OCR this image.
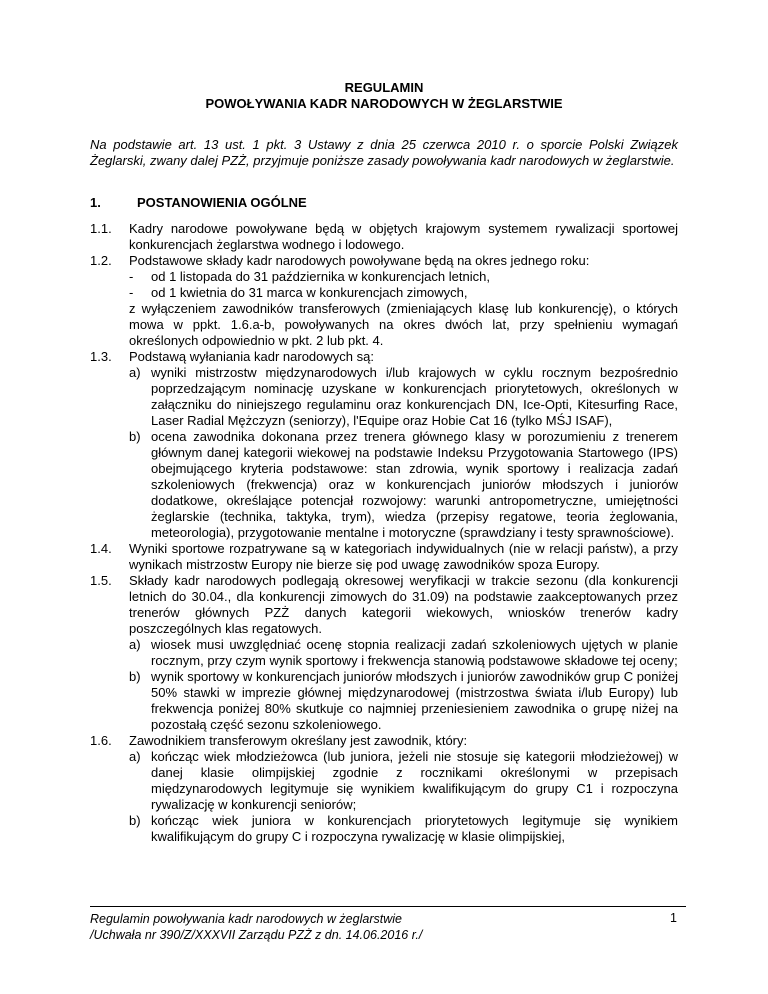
REGULAMIN
POWOŁYWANIA KADR NARODOWYCH W ŻEGLARSTWIE
Na podstawie art. 13 ust. 1 pkt. 3 Ustawy z dnia 25 czerwca 2010 r. o sporcie Polski Związek Żeglarski, zwany dalej PZŻ, przyjmuje poniższe zasady powoływania kadr narodowych w żeglarstwie.
1.	POSTANOWIENIA OGÓLNE
1.1.	Kadry narodowe powoływane będą w objętych krajowym systemem rywalizacji sportowej konkurencjach żeglarstwa wodnego i lodowego.
1.2.	Podstawowe składy kadr narodowych powoływane będą na okres jednego roku:
-	od 1 listopada do 31 października w konkurencjach letnich,
-	od 1 kwietnia do 31 marca w konkurencjach zimowych,
z wyłączeniem zawodników transferowych (zmieniających klasę lub konkurencję), o których mowa w ppkt. 1.6.a-b, powoływanych na okres dwóch lat, przy spełnieniu wymagań określonych odpowiednio w pkt. 2 lub pkt. 4.
1.3.	Podstawą wyłaniania kadr narodowych są:
a) wyniki mistrzostw międzynarodowych i/lub krajowych w cyklu rocznym bezpośrednio poprzedzającym nominację uzyskane w konkurencjach priorytetowych, określonych w załączniku do niniejszego regulaminu oraz konkurencjach DN, Ice-Opti, Kitesurfing Race, Laser Radial Mężczyzn (seniorzy), l'Equipe oraz Hobie Cat 16 (tylko MŚJ ISAF),
b) ocena zawodnika dokonana przez trenera głównego klasy w porozumieniu z trenerem głównym danej kategorii wiekowej na podstawie Indeksu Przygotowania Startowego (IPS) obejmującego kryteria podstawowe: stan zdrowia, wynik sportowy i realizacja zadań szkoleniowych (frekwencja) oraz w konkurencjach juniorów młodszych i juniorów dodatkowe, określające potencjał rozwojowy: warunki antropometryczne, umiejętności żeglarskie (technika, taktyka, trym), wiedza (przepisy regatowe, teoria żeglowania, meteorologia), przygotowanie mentalne i motoryczne (sprawdziany i testy sprawnościowe).
1.4.	Wyniki sportowe rozpatrywane są w kategoriach indywidualnych (nie w relacji państw), a przy wynikach mistrzostw Europy nie bierze się pod uwagę zawodników spoza Europy.
1.5.	Składy kadr narodowych podlegają okresowej weryfikacji w trakcie sezonu (dla konkurencji letnich do 30.04., dla konkurencji zimowych do 31.09) na podstawie zaakceptowanych przez trenerów głównych PZŻ danych kategorii wiekowych, wniosków trenerów kadry poszczególnych klas regatowych.
a) wiosek musi uwzględniać ocenę stopnia realizacji zadań szkoleniowych ujętych w planie rocznym, przy czym wynik sportowy i frekwencja stanowią podstawowe składowe tej oceny;
b) wynik sportowy w konkurencjach juniorów młodszych i juniorów zawodników grup C poniżej 50% stawki w imprezie głównej międzynarodowej (mistrzostwa świata i/lub Europy) lub frekwencja poniżej 80% skutkuje co najmniej przeniesieniem zawodnika o grupę niżej na pozostałą część sezonu szkoleniowego.
1.6.	Zawodnikiem transferowym określany jest zawodnik, który:
a) kończąc wiek młodzieżowca (lub juniora, jeżeli nie stosuje się kategorii młodzieżowej) w danej klasie olimpijskiej zgodnie z rocznikami określonymi w przepisach międzynarodowych legitymuje się wynikiem kwalifikującym do grupy C1 i rozpoczyna rywalizację w konkurencji seniorów;
b) kończąc wiek juniora w konkurencjach priorytetowych legitymuje się wynikiem kwalifikującym do grupy C i rozpoczyna rywalizację w klasie olimpijskiej,
Regulamin powoływania kadr narodowych w żeglarstwie
/Uchwała nr 390/Z/XXXVII Zarządu PZŻ z dn. 14.06.2016 r./
1
